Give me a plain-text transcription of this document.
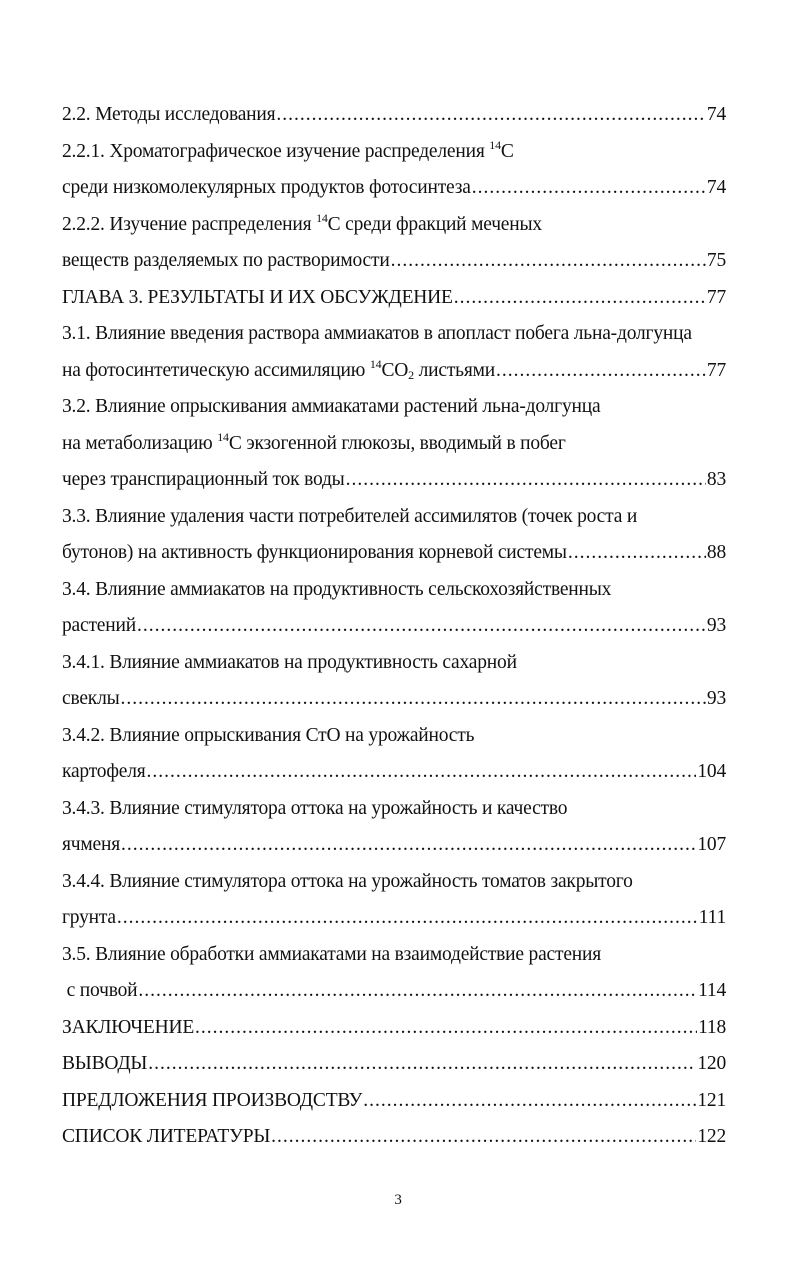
2.2. Методы исследования .....	74
2.2.1. Хроматографическое изучение распределения $^{14}$С
среди низкомолекулярных продуктов фотосинтеза .....	74
2.2.2. Изучение распределения $^{14}$С среди фракций меченых
веществ разделяемых по растворимости .....	75
ГЛАВА 3. РЕЗУЛЬТАТЫ И ИХ ОБСУЖДЕНИЕ .....	77
3.1. Влияние введения раствора аммиакатов в апопласт побега льна-долгунца
на фотосинтетическую ассимиляцию $^{14}СО_2$ листьями .....	77
3.2. Влияние опрыскивания аммиакатами растений льна-долгунца
на метаболизацию $^{14}$С экзогенной глюкозы, вводимый в побег
через транспирационный ток воды .....	83
3.3. Влияние удаления части потребителей ассимилятов (точек роста и
бутонов) на активность функционирования корневой системы .....	88
3.4. Влияние аммиакатов на продуктивность сельскохозяйственных
растений .....	93
3.4.1. Влияние аммиакатов на продуктивность сахарной
свеклы .....	93
3.4.2. Влияние опрыскивания СтО на урожайность
картофеля .....	104
3.4.3. Влияние стимулятора оттока на урожайность и качество
ячменя .....	107
3.4.4. Влияние стимулятора оттока на урожайность томатов закрытого
грунта .....	111
3.5. Влияние обработки аммиакатами на взаимодействие растения
с почвой .....	114
ЗАКЛЮЧЕНИЕ .....	118
ВЫВОДЫ .....	120
ПРЕДЛОЖЕНИЯ ПРОИЗВОДСТВУ .....	121
СПИСОК ЛИТЕРАТУРЫ .....	122
3
